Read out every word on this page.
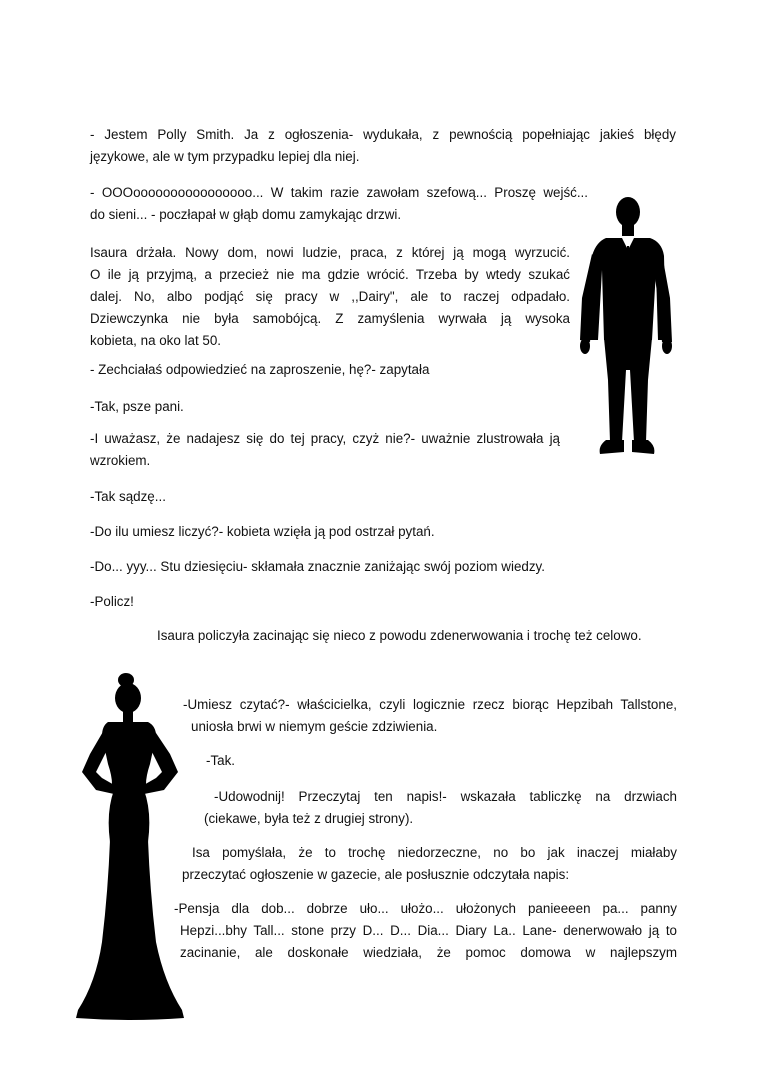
- Jestem Polly Smith. Ja z ogłoszenia- wydukała, z pewnością popełniając jakieś błędy
językowe, ale w tym przypadku lepiej dla niej.
- OOOoooooooooooooooo... W takim razie zawołam szefową... Proszę wejść...
do sieni... - poczłapał w głąb domu zamykając drzwi.
Isaura drżała. Nowy dom, nowi ludzie, praca, z której ją mogą wyrzucić.
O ile ją przyjmą, a przecież nie ma gdzie wrócić. Trzeba by wtedy szukać
dalej. No, albo podjąć się pracy w ,,Dairy", ale to raczej odpadało.
Dziewczynka nie była samobójcą. Z zamyślenia wyrwała ją wysoka
kobieta, na oko lat 50.
- Zechciałaś odpowiedzieć na zaproszenie, hę?- zapytała
-Tak, psze pani.
-I uważasz, że nadajesz się do tej pracy, czyż nie?- uważnie zlustrowała ją
wzrokiem.
-Tak sądzę...
-Do ilu umiesz liczyć?- kobieta wzięła ją pod ostrzał pytań.
-Do... yyy... Stu dziesięciu- skłamała znacznie zaniżając swój poziom wiedzy.
-Policz!
Isaura policzyła zacinając się nieco z powodu zdenerwowania i trochę też celowo.
-Umiesz czytać?- właścicielka, czyli logicznie rzecz biorąc Hepzibah Tallstone,
uniosła brwi w niemym geście zdziwienia.
-Tak.
-Udowodnij! Przeczytaj ten napis!- wskazała tabliczkę na drzwiach
(ciekawe, była też z drugiej strony).
Isa pomyślała, że to trochę niedorzeczne, no bo jak inaczej miałaby
przeczytać ogłoszenie w gazecie, ale posłusznie odczytała napis:
-Pensja dla dob... dobrze uło... ułożo... ułożonych panieeeen pa... panny
Hepzi...bhy Tall... stone przy D... D... Dia... Diary La.. Lane- denerwowało ją to
zacinanie, ale doskonałe wiedziała, że pomoc domowa w najlepszym
